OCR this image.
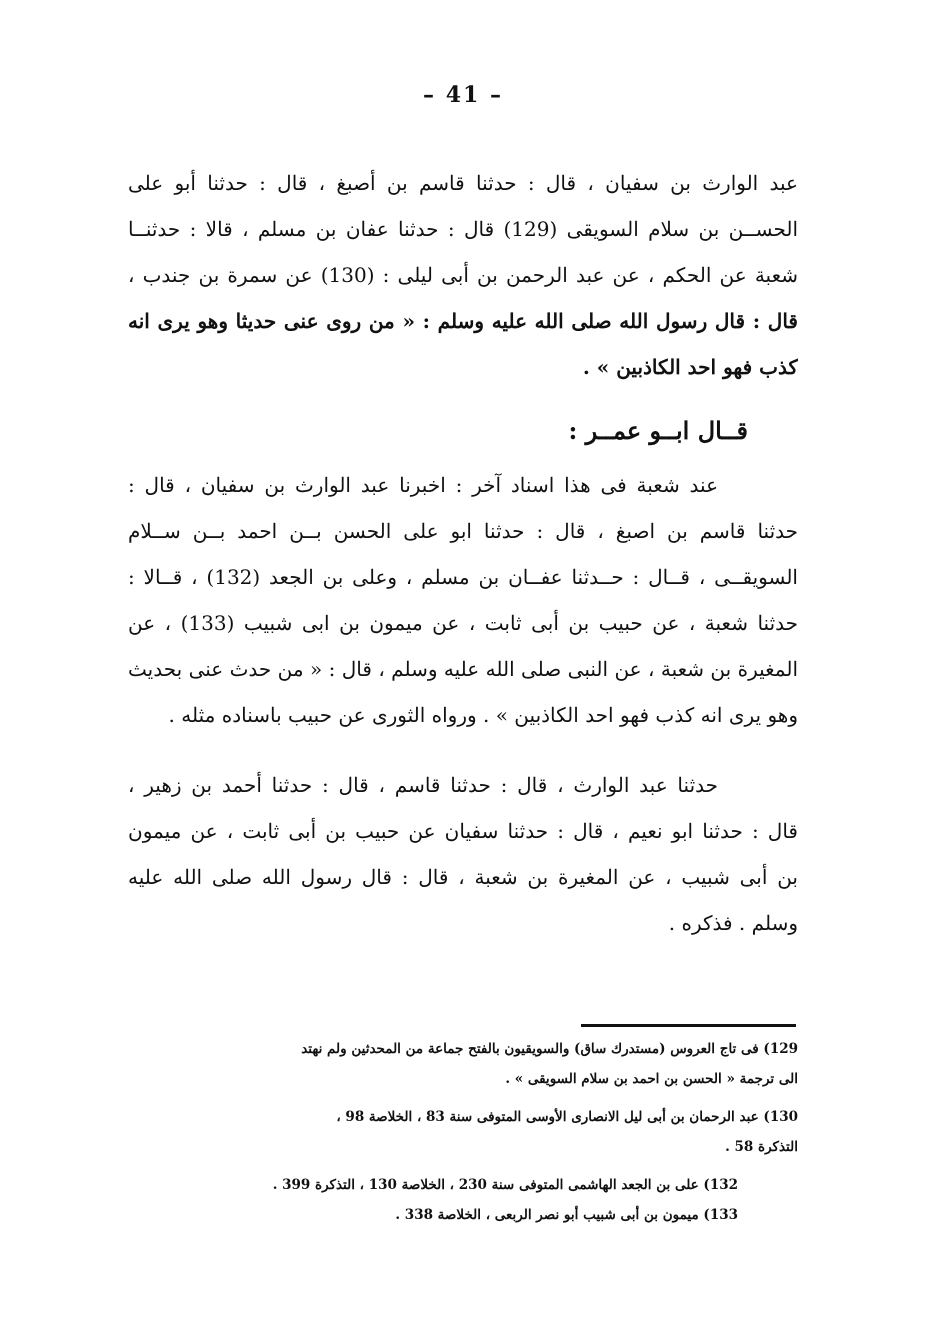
– 41 –
عبد الوارث بن سفيان ، قال : حدثنا قاسم بن أصبغ ، قال : حدثنا أبو على
الحســن بن سلام السويقى (129) قال : حدثنا عفان بن مسلم ، قالا : حدثنــا
شعبة عن الحكم ، عن عبد الرحمن بن أبى ليلى : (130) عن سمرة بن جندب ،
قال : قال رسول الله صلى الله عليه وسلم : « من روى عنى حديثا وهو يرى انه
كذب فهو احد الكاذبين » .
قــال ابــو عمــر :
عند شعبة فى هذا اسناد آخر : اخبرنا عبد الوارث بن سفيان ، قال :
حدثنا قاسم بن اصبغ ، قال : حدثنا ابو على الحسن بــن احمد بــن ســلام
السويقــى ، قــال : حــدثنا عفــان بن مسلم ، وعلى بن الجعد (132) ، قــالا :
حدثنا شعبة ، عن حبيب بن أبى ثابت ، عن ميمون بن ابى شبيب (133) ، عن
المغيرة بن شعبة ، عن النبى صلى الله عليه وسلم ، قال : « من حدث عنى بحديث
وهو يرى انه كذب فهو احد الكاذبين » . ورواه الثورى عن حبيب باسناده مثله .
حدثنا عبد الوارث ، قال : حدثنا قاسم ، قال : حدثنا أحمد بن زهير ،
قال : حدثنا ابو نعيم ، قال : حدثنا سفيان عن حبيب بن أبى ثابت ، عن ميمون
بن أبى شبيب ، عن المغيرة بن شعبة ، قال : قال رسول الله صلى الله عليه
وسلم . فذكره .
129) فى تاج العروس (مستدرك ساق) والسويقيون بالفتح جماعة من المحدثين ولم نهتد
الى ترجمة « الحسن بن احمد بن سلام السويقى » .
130) عبد الرحمان بن أبى ليل الانصارى الأوسى المتوفى سنة 83 ، الخلاصة 98 ،
التذكرة 58 .
132) على بن الجعد الهاشمى المتوفى سنة 230 ، الخلاصة 130 ، التذكرة 399 .
133) ميمون بن أبى شبيب أبو نصر الربعى ، الخلاصة 338 .
